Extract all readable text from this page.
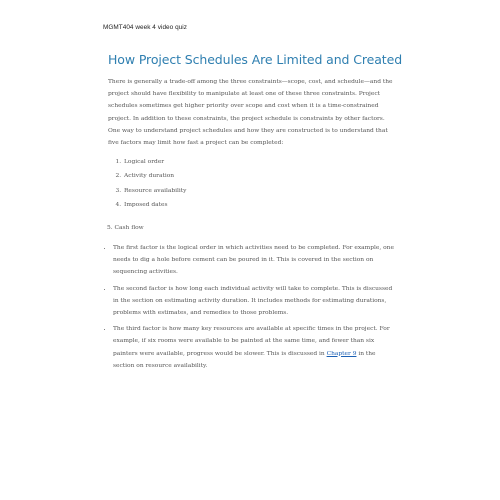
MGMT404 week 4 video quiz
How Project Schedules Are Limited and Created

There is generally a trade-off among the three constraints—scope, cost, and schedule—and the project should have flexibility to manipulate at least one of these three constraints. Project schedules sometimes get higher priority over scope and cost when it is a time-constrained project. In addition to these constraints, the project schedule is constraints by other factors. One way to understand project schedules and how they are constructed is to understand that five factors may limit how fast a project can be completed:

1. Logical order
2. Activity duration
3. Resource availability
4. Imposed dates

5. Cash flow

• The first factor is the logical order in which activities need to be completed. For example, one needs to dig a hole before cement can be poured in it. This is covered in the section on sequencing activities.
• The second factor is how long each individual activity will take to complete. This is discussed in the section on estimating activity duration. It includes methods for estimating durations, problems with estimates, and remedies to those problems.
• The third factor is how many key resources are available at specific times in the project. For example, if six rooms were available to be painted at the same time, and fewer than six painters were available, progress would be slower. This is discussed in Chapter 9 in the section on resource availability.
